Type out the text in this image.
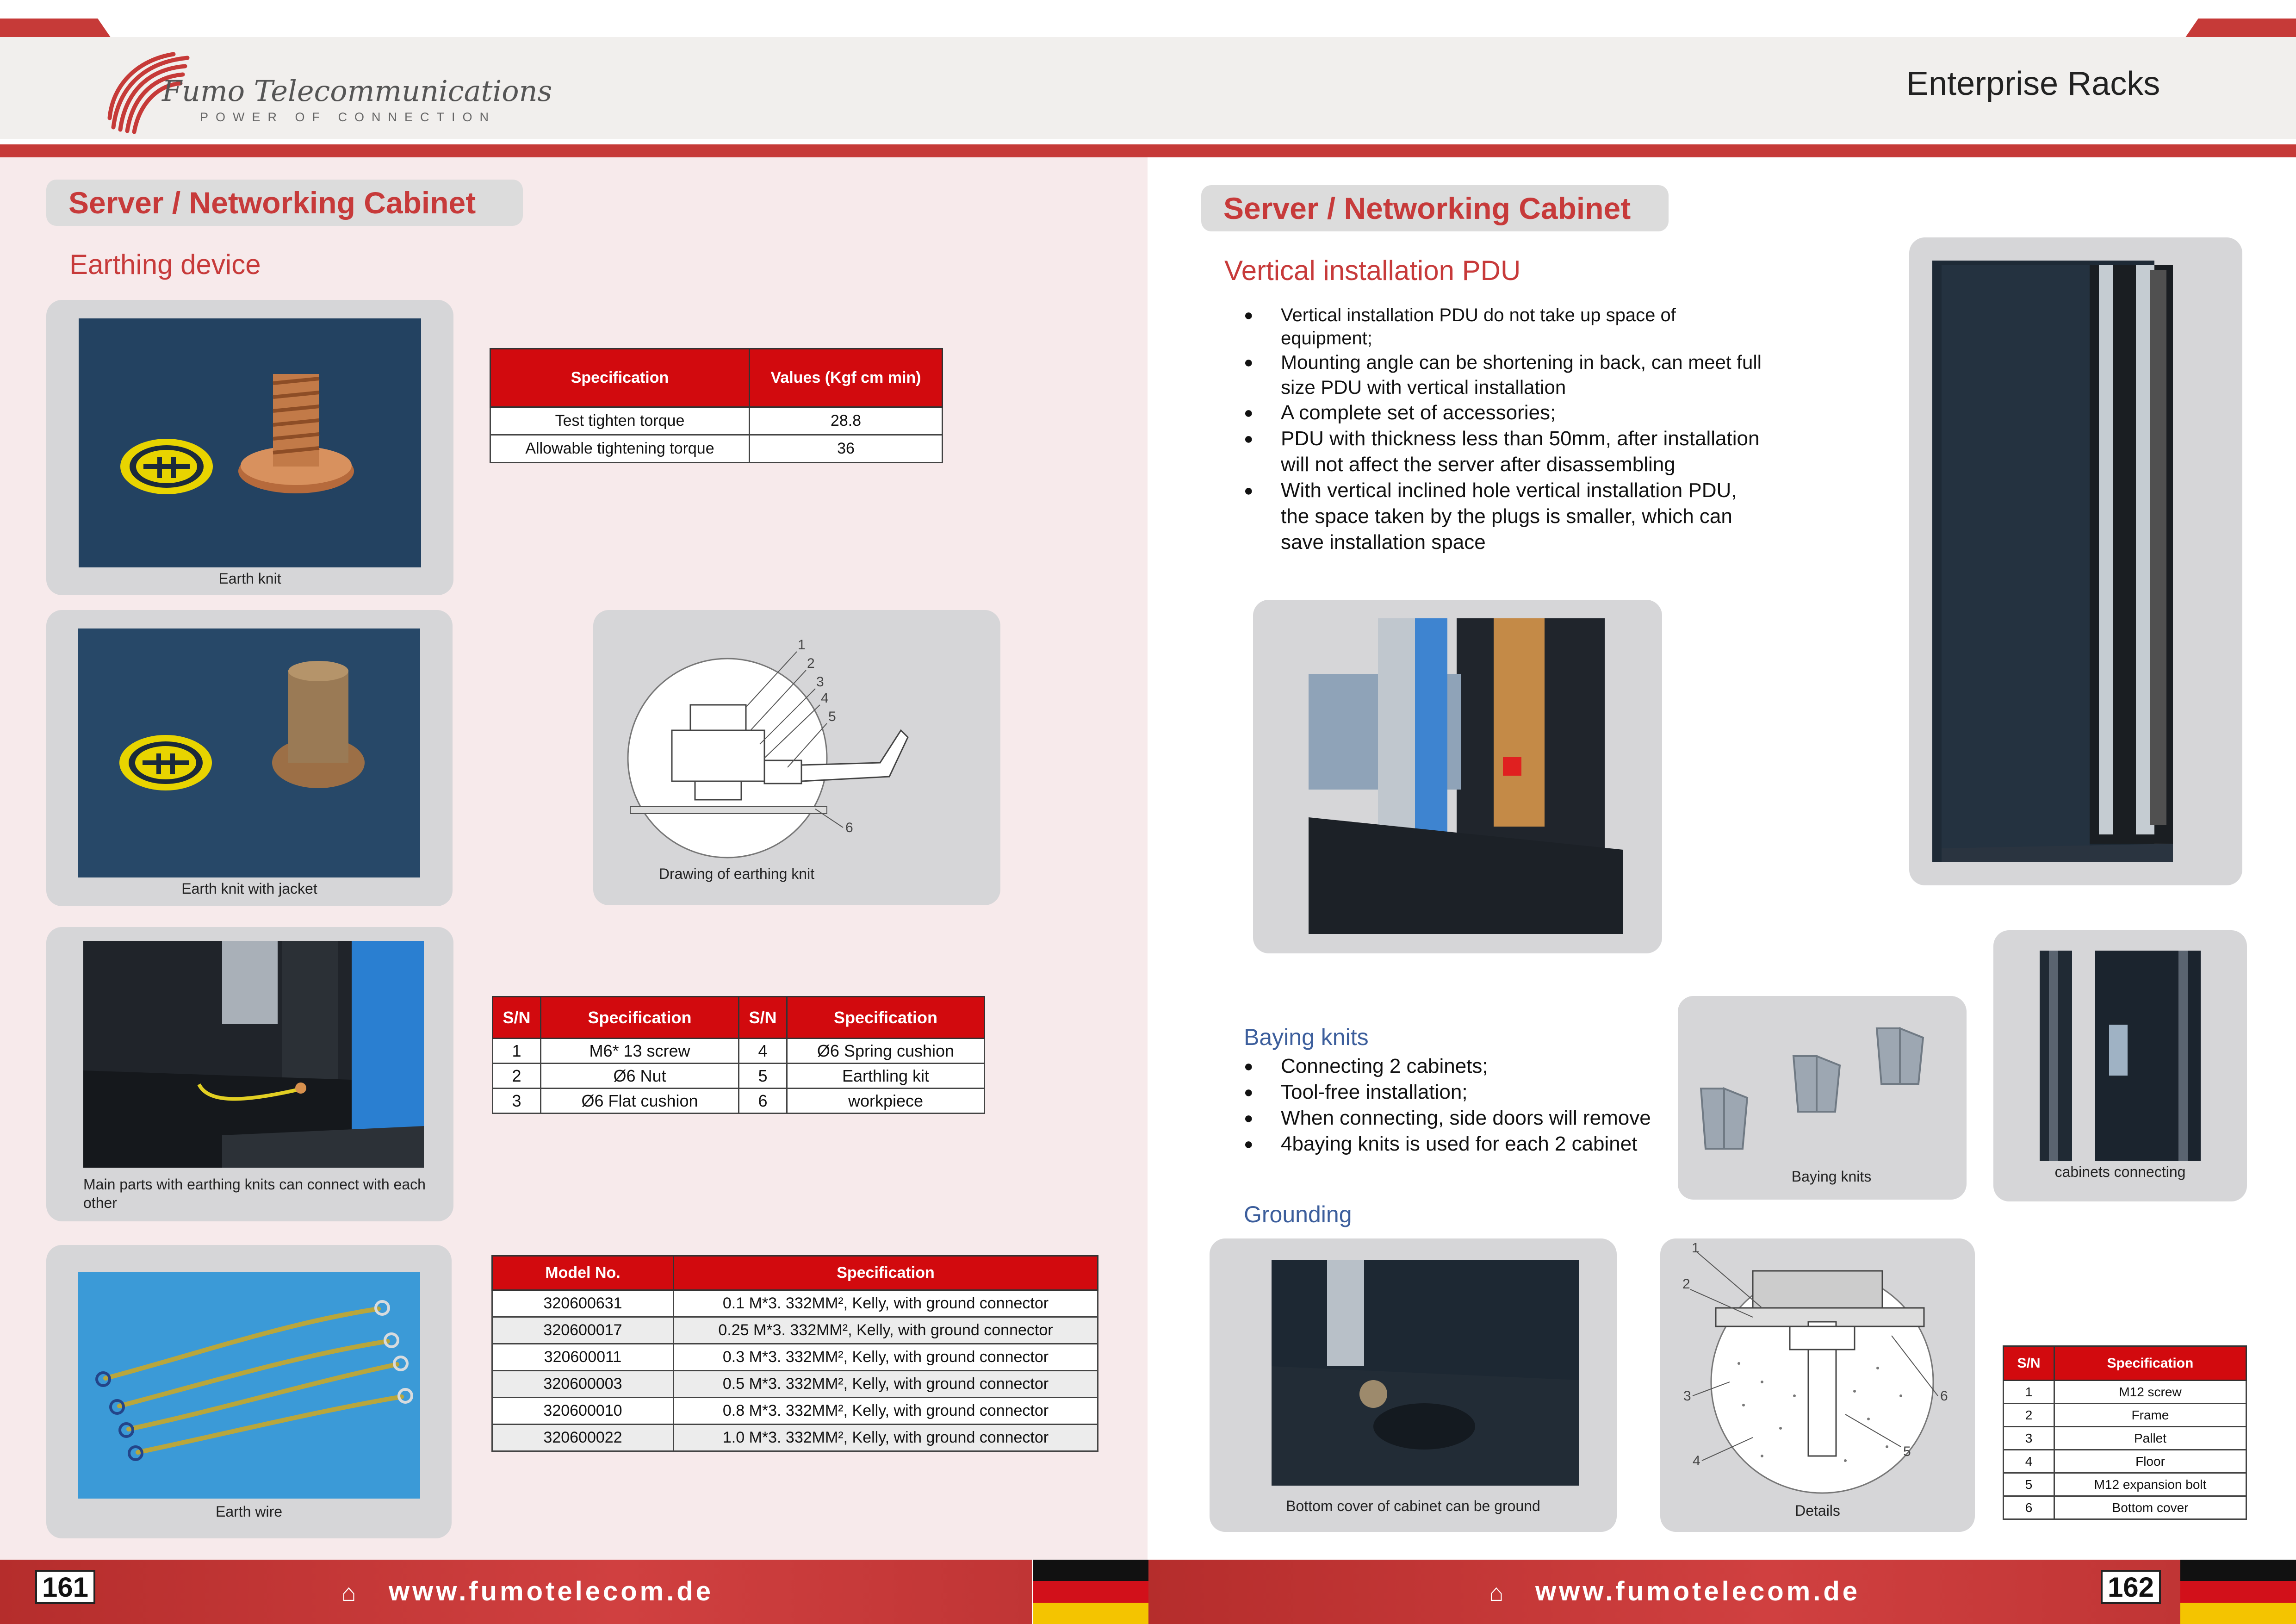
Fumo Telecommunications
POWER OF CONNECTION
Enterprise Racks
Server / Networking Cabinet
Earthing device
Earth knit
Specification	Values (Kgf cm min)
Test tighten torque	28.8
Allowable tightening torque	36
Earth knit with jacket
1
2
3
4
5
6
Drawing of earthing knit
Main parts with earthing knits can connect with each other
S/N	Specification	S/N	Specification
1	M6* 13 screw	4	Ø6 Spring cushion
2	Ø6 Nut	5	Earthling kit
3	Ø6 Flat cushion	6	workpiece
Earth wire
Model No.	Specification
320600631	0.1 M*3. 332MM², Kelly, with ground connector
320600017	0.25 M*3. 332MM², Kelly, with ground connector
320600011	0.3 M*3. 332MM², Kelly, with ground connector
320600003	0.5 M*3. 332MM², Kelly, with ground connector
320600010	0.8 M*3. 332MM², Kelly, with ground connector
320600022	1.0 M*3. 332MM², Kelly, with ground connector
Server / Networking Cabinet
Vertical installation PDU
● Vertical installation PDU do not take up space of equipment;
● Mounting angle can be shortening in back, can meet full size PDU with vertical installation
● A complete set of accessories;
● PDU with thickness less than 50mm, after installation will not affect the server after disassembling
● With vertical inclined hole vertical installation PDU, the space taken by the plugs is smaller, which can save installation space
cabinets connecting
Baying knits
● Connecting 2 cabinets;
● Tool-free installation;
● When connecting, side doors will remove
● 4baying knits is used for each 2 cabinet
Baying knits
Grounding
Bottom cover of cabinet can be ground
1
2
3
4
5
6
Details
S/N	Specification
1	M12 screw
2	Frame
3	Pallet
4	Floor
5	M12 expansion bolt
6	Bottom cover
161	⌂ www.fumotelecom.de	⌂ www.fumotelecom.de	162
